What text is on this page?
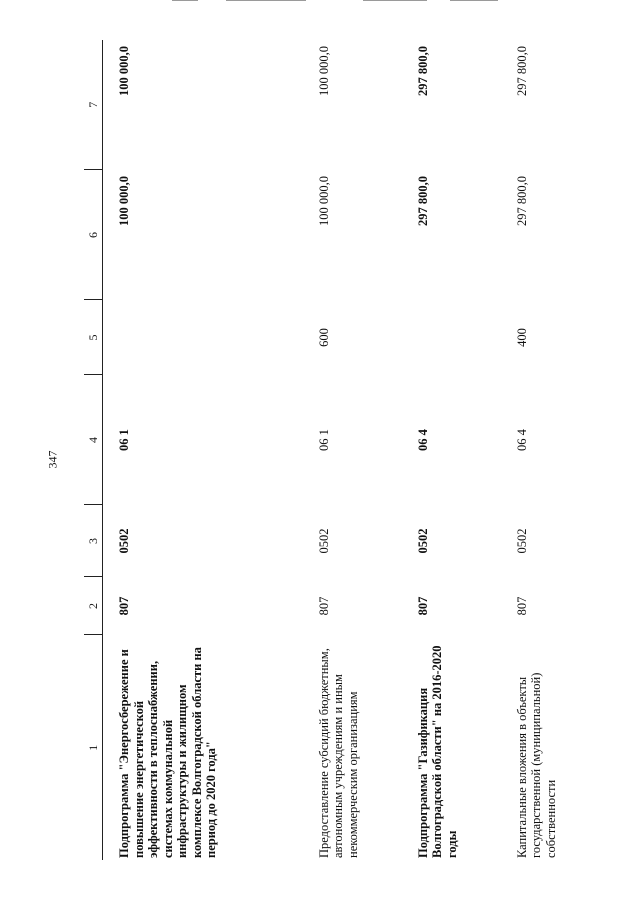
347
1	2	3	4	5	6	7
Подпрограмма "Энергосбережение и повышение энергетической эффективности в теплоснабжении, системах коммунальной инфраструктуры и жилищном комплексе Волгоградской области на период до 2020 года"	807	0502	06 1		100 000,0	100 000,0
Предоставление субсидий бюджетным, автономным учреждениям и иным некоммерческим организациям	807	0502	06 1	600	100 000,0	100 000,0
Подпрограмма "Газификация Волгоградской области" на 2016-2020 годы	807	0502	06 4		297 800,0	297 800,0
Капитальные вложения в объекты государственной (муниципальной) собственности	807	0502	06 4	400	297 800,0	297 800,0
